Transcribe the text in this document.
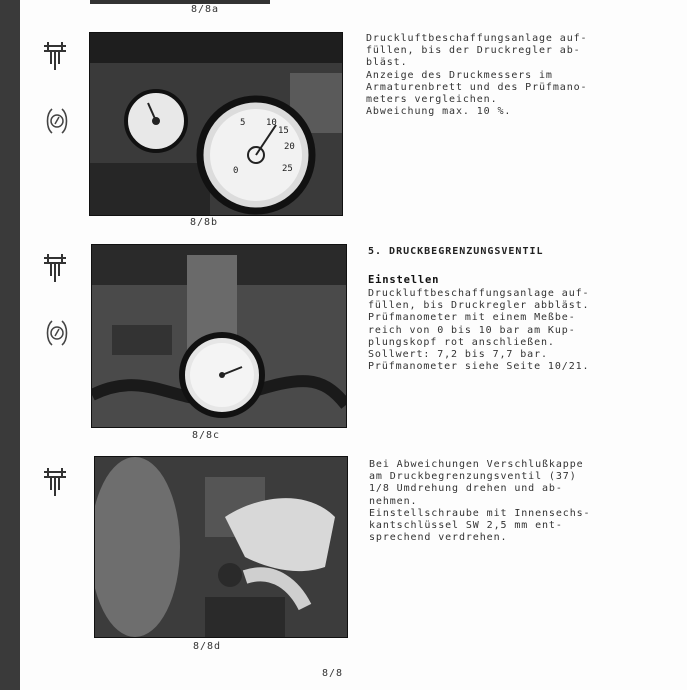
8/8a
5 10
15
20
25
0
8/8b
Druckluftbeschaffungsanlage auf-
füllen, bis der Druckregler ab-
bläst.
Anzeige des Druckmessers im
Armaturenbrett und des Prüfmano-
meters vergleichen.
Abweichung max. 10 %.
8/8c
5. DRUCKBEGRENZUNGSVENTIL
Einstellen
Druckluftbeschaffungsanlage auf-
füllen, bis Druckregler abbläst.
Prüfmanometer mit einem Meßbe-
reich von 0 bis 10 bar am Kup-
plungskopf rot anschließen.
Sollwert: 7,2 bis 7,7 bar.
Prüfmanometer siehe Seite 10/21.
8/8d
Bei Abweichungen Verschlußkappe
am Druckbegrenzungsventil (37)
1/8 Umdrehung drehen und ab-
nehmen.
Einstellschraube mit Innensechs-
kantschlüssel SW 2,5 mm ent-
sprechend verdrehen.
8/8
